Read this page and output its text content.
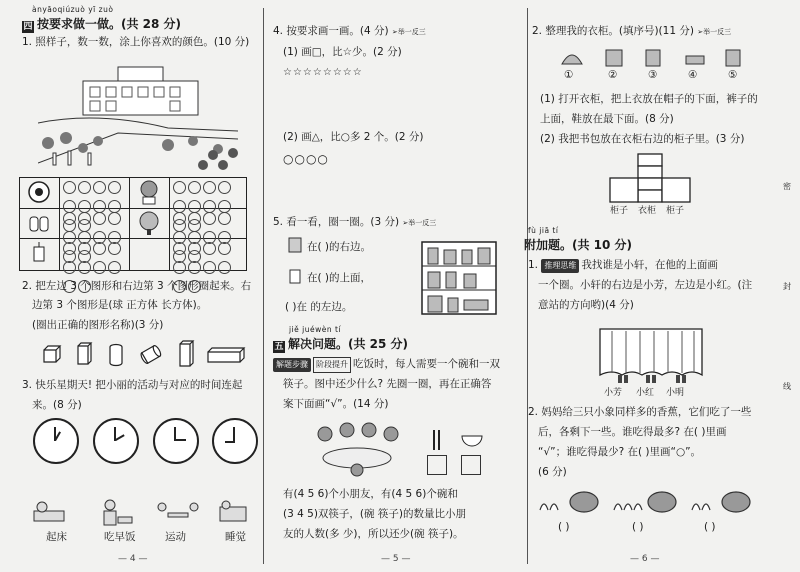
ànyāoqiúzuò yī zuò
四 按要求做一做。(共 28 分)
1. 照样子，数一数，涂上你喜欢的颜色。(10 分)
2. 把左边 3 个图形和右边第 3 个图形圈起来。右
边第 3 个图形是(球 正方体 长方体)。
(圈出正确的图形名称)(3 分)
3. 快乐星期天! 把小丽的活动与对应的时间连起
来。(8 分)
起床	吃早饭	运动	睡觉
— 4 —
4. 按要求画一画。(4 分) ➢举一反三
(1) 画□，比☆少。(2 分)
☆☆☆☆☆☆☆☆
(2) 画△，比○多 2 个。(2 分)
○○○○
5. 看一看，圈一圈。(3 分) ➢举一反三
在( )的右边。
在( )的上面，
( )在 的左边。
jiě juéwèn tí
五 解决问题。(共 25 分)
解题步骤 阶段提升 吃饭时，每人需要一个碗和一双
筷子。图中还少什么? 先圈一圈，再在正确答
案下面画“√”。(14 分)
有(4 5 6)个小朋友，有(4 5 6)个碗和
(3 4 5)双筷子，(碗 筷子)的数量比小朋
友的人数(多 少)，所以还少(碗 筷子)。
— 5 —
2. 整理我的衣柜。(填序号)(11 分) ➢举一反三
①	②	③	④	⑤
(1) 打开衣柜，把上衣放在帽子的下面，裤子的
上面，鞋放在最下面。(8 分)
(2) 我把书包放在衣柜右边的柜子里。(3 分)
柜子 衣柜 柜子
fù jiā tí
附加题。(共 10 分)
1. 推理思维 我找谁是小轩，在他的上面画
一个圈。小轩的右边是小芳，左边是小红。(注
意站的方向哟)(4 分)
小芳 小红 小明
2. 妈妈给三只小象同样多的香蕉，它们吃了一些
后，各剩下一些。谁吃得最多? 在( )里画
“√”；谁吃得最少? 在( )里画“○”。
(6 分)
( )	( )	( )
— 6 —
密
封
线
